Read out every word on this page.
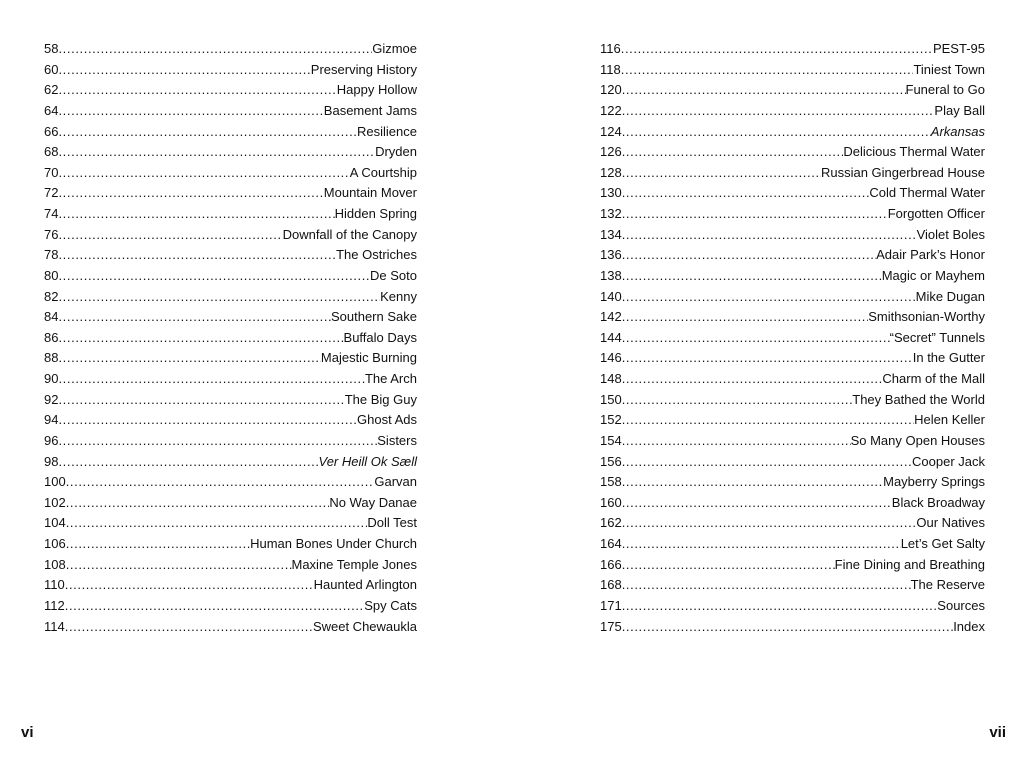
58 .....	Gizmoe
60 .....	Preserving History
62 .....	Happy Hollow
64 .....	Basement Jams
66 .....	Resilience
68 .....	Dryden
70 .....	A Courtship
72 .....	Mountain Mover
74 .....	Hidden Spring
76 .....	Downfall of the Canopy
78 .....	The Ostriches
80 .....	De Soto
82 .....	Kenny
84 .....	Southern Sake
86 .....	Buffalo Days
88 .....	Majestic Burning
90 .....	The Arch
92 .....	The Big Guy
94 .....	Ghost Ads
96 .....	Sisters
98 .....	Ver Heill Ok Sæll
100 .....	Garvan
102 .....	No Way Danae
104 .....	Doll Test
106 .....	Human Bones Under Church
108 .....	Maxine Temple Jones
110 .....	Haunted Arlington
112 .....	Spy Cats
114 .....	Sweet Chewaukla
vi
116 .....	PEST-95
118 .....	Tiniest Town
120 .....	Funeral to Go
122 .....	Play Ball
124 .....	Arkansas
126 .....	Delicious Thermal Water
128 .....	Russian Gingerbread House
130 .....	Cold Thermal Water
132 .....	Forgotten Officer
134 .....	Violet Boles
136 .....	Adair Park’s Honor
138 .....	Magic or Mayhem
140 .....	Mike Dugan
142 .....	Smithsonian-Worthy
144 .....	“Secret” Tunnels
146 .....	In the Gutter
148 .....	Charm of the Mall
150 .....	They Bathed the World
152 .....	Helen Keller
154 .....	So Many Open Houses
156 .....	Cooper Jack
158 .....	Mayberry Springs
160 .....	Black Broadway
162 .....	Our Natives
164 .....	Let’s Get Salty
166 .....	Fine Dining and Breathing
168 .....	The Reserve
171 .....	Sources
175 .....	Index
vii
